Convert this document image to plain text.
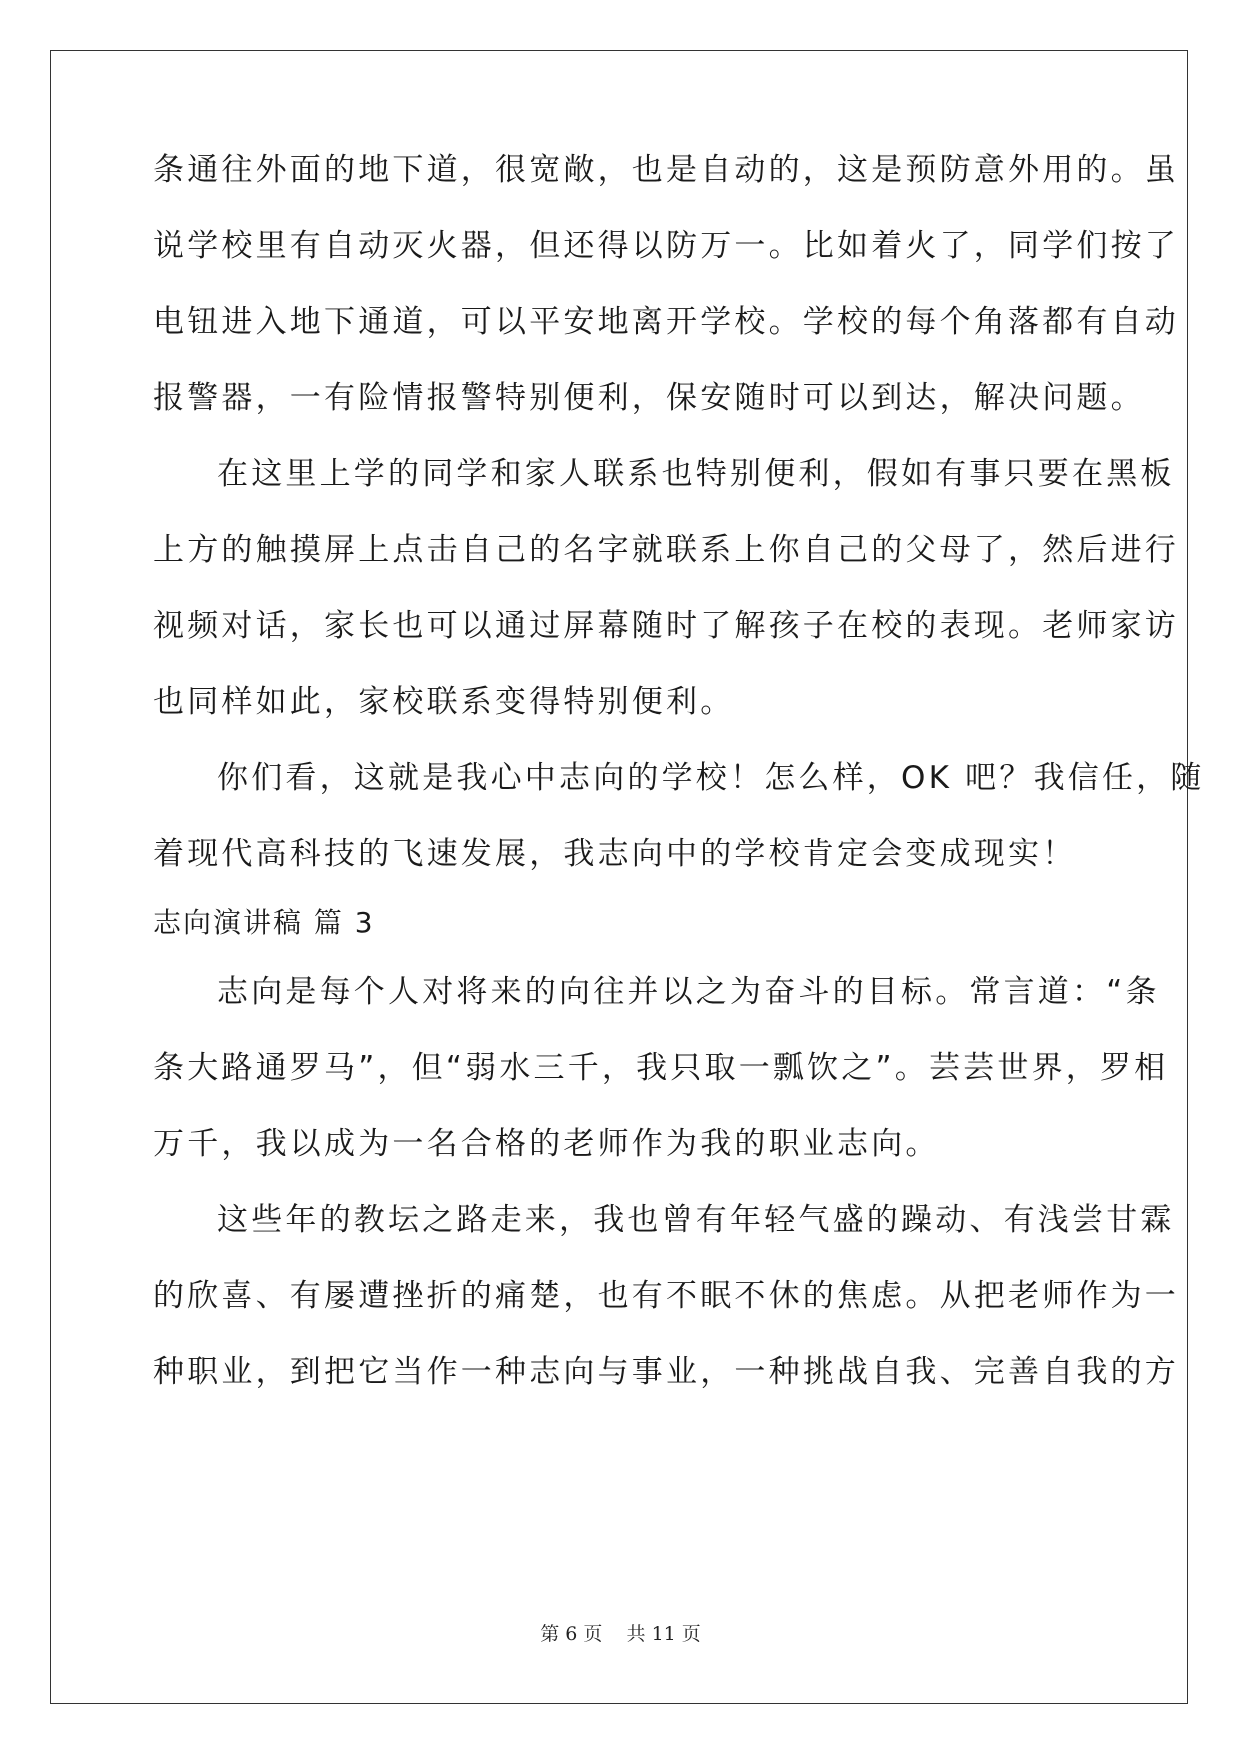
条通往外面的地下道，很宽敞，也是自动的，这是预防意外用的。虽
说学校里有自动灭火器，但还得以防万一。比如着火了，同学们按了
电钮进入地下通道，可以平安地离开学校。学校的每个角落都有自动
报警器，一有险情报警特别便利，保安随时可以到达，解决问题。
在这里上学的同学和家人联系也特别便利，假如有事只要在黑板
上方的触摸屏上点击自己的名字就联系上你自己的父母了，然后进行
视频对话，家长也可以通过屏幕随时了解孩子在校的表现。老师家访
也同样如此，家校联系变得特别便利。
你们看，这就是我心中志向的学校！怎么样，OK 吧？我信任，随
着现代高科技的飞速发展，我志向中的学校肯定会变成现实！
志向演讲稿 篇 3
志向是每个人对将来的向往并以之为奋斗的目标。常言道：“条
条大路通罗马”，但“弱水三千，我只取一瓢饮之”。芸芸世界，罗相
万千，我以成为一名合格的老师作为我的职业志向。
这些年的教坛之路走来，我也曾有年轻气盛的躁动、有浅尝甘霖
的欣喜、有屡遭挫折的痛楚，也有不眠不休的焦虑。从把老师作为一
种职业，到把它当作一种志向与事业，一种挑战自我、完善自我的方
第 6 页    共 11 页
